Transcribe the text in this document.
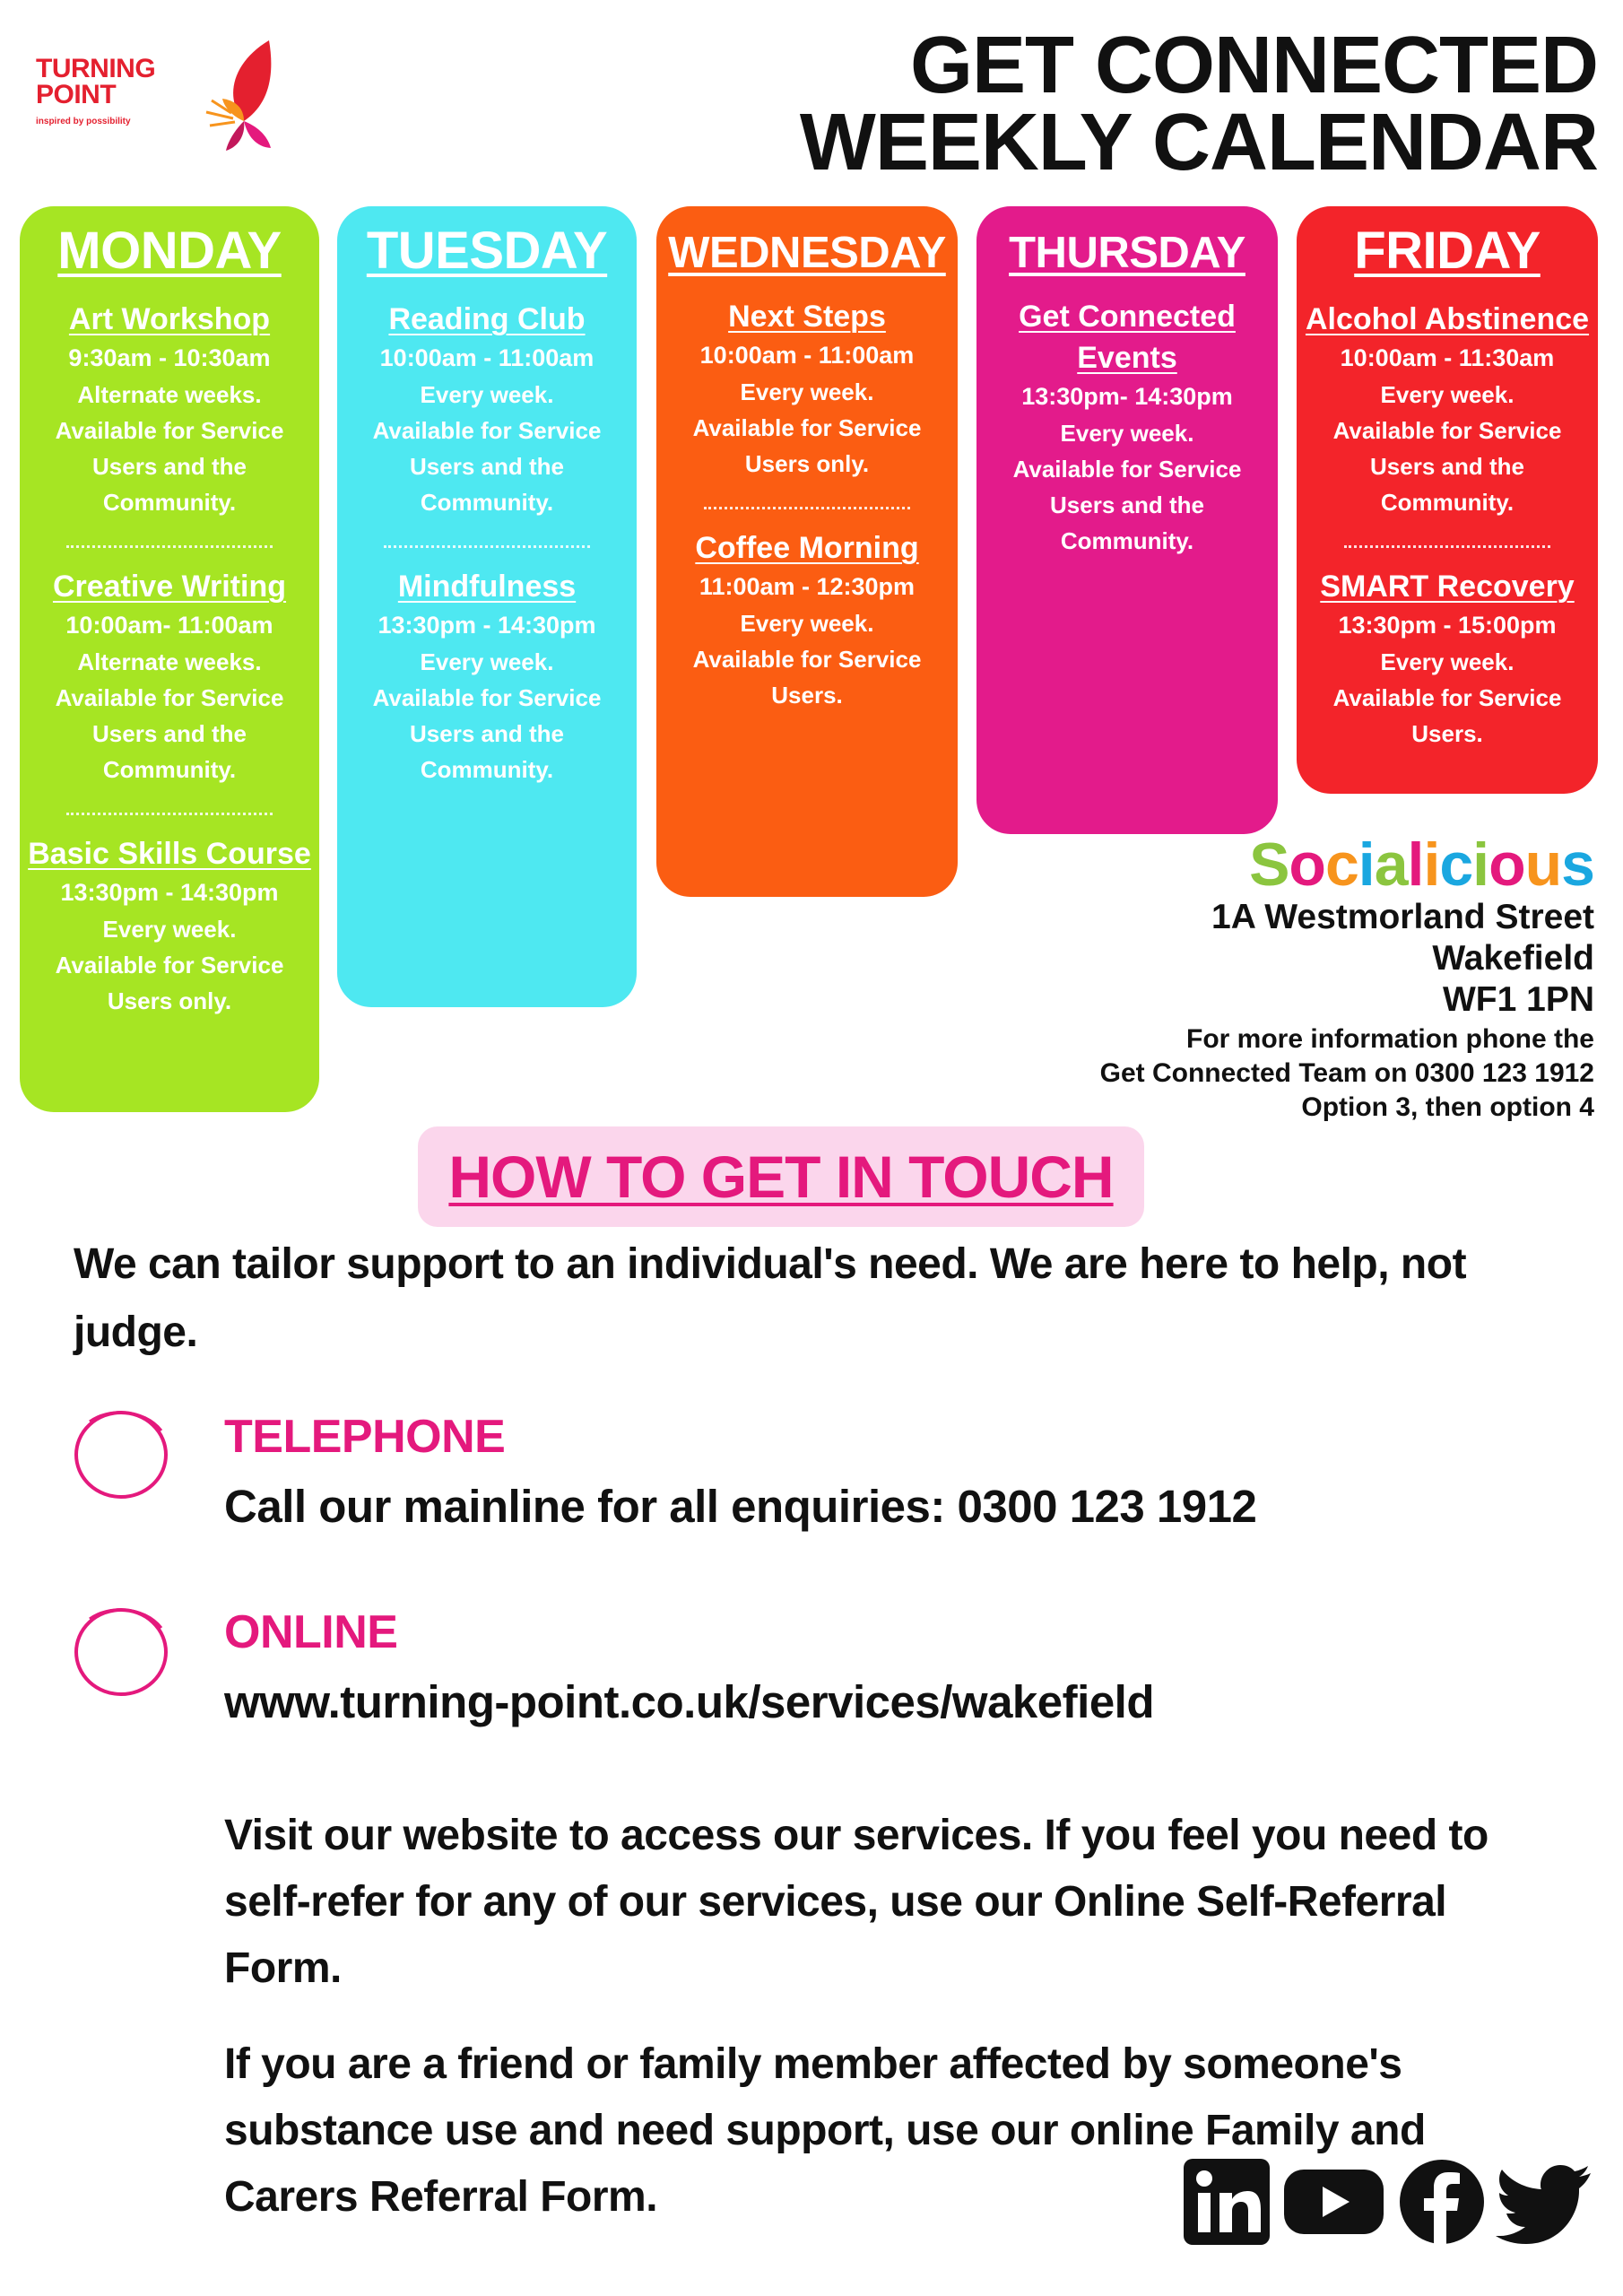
TURNING
POINT
inspired by possibility
GET CONNECTED
WEEKLY CALENDAR
MONDAY
Art Workshop
9:30am - 10:30am
Alternate weeks.
Available for Service
Users and the
Community.
Creative Writing
10:00am- 11:00am
Alternate weeks.
Available for Service
Users and the
Community.
Basic Skills Course
13:30pm - 14:30pm
Every week.
Available for Service
Users only.
TUESDAY
Reading Club
10:00am - 11:00am
Every week.
Available for Service
Users and the
Community.
Mindfulness
13:30pm - 14:30pm
Every week.
Available for Service
Users and the
Community.
WEDNESDAY
Next Steps
10:00am - 11:00am
Every week.
Available for Service
Users only.
Coffee Morning
11:00am - 12:30pm
Every week.
Available for Service
Users.
THURSDAY
Get Connected
Events
13:30pm- 14:30pm
Every week.
Available for Service
Users and the
Community.
FRIDAY
Alcohol Abstinence
10:00am - 11:30am
Every week.
Available for Service
Users and the
Community.
SMART Recovery
13:30pm - 15:00pm
Every week.
Available for Service
Users.
Socialicious
1A Westmorland Street
Wakefield
WF1 1PN
For more information phone the
Get Connected Team on 0300 123 1912
Option 3, then option 4
HOW TO GET IN TOUCH
We can tailor support to an individual's need. We are here to help, not judge.
TELEPHONE
Call our mainline for all enquiries: 0300 123 1912
ONLINE
www.turning-point.co.uk/services/wakefield
Visit our website to access our services. If you feel you need to self-refer for any of our services, use our Online Self-Referral Form.
If you are a friend or family member affected by someone's substance use and need support, use our online Family and Carers Referral Form.
